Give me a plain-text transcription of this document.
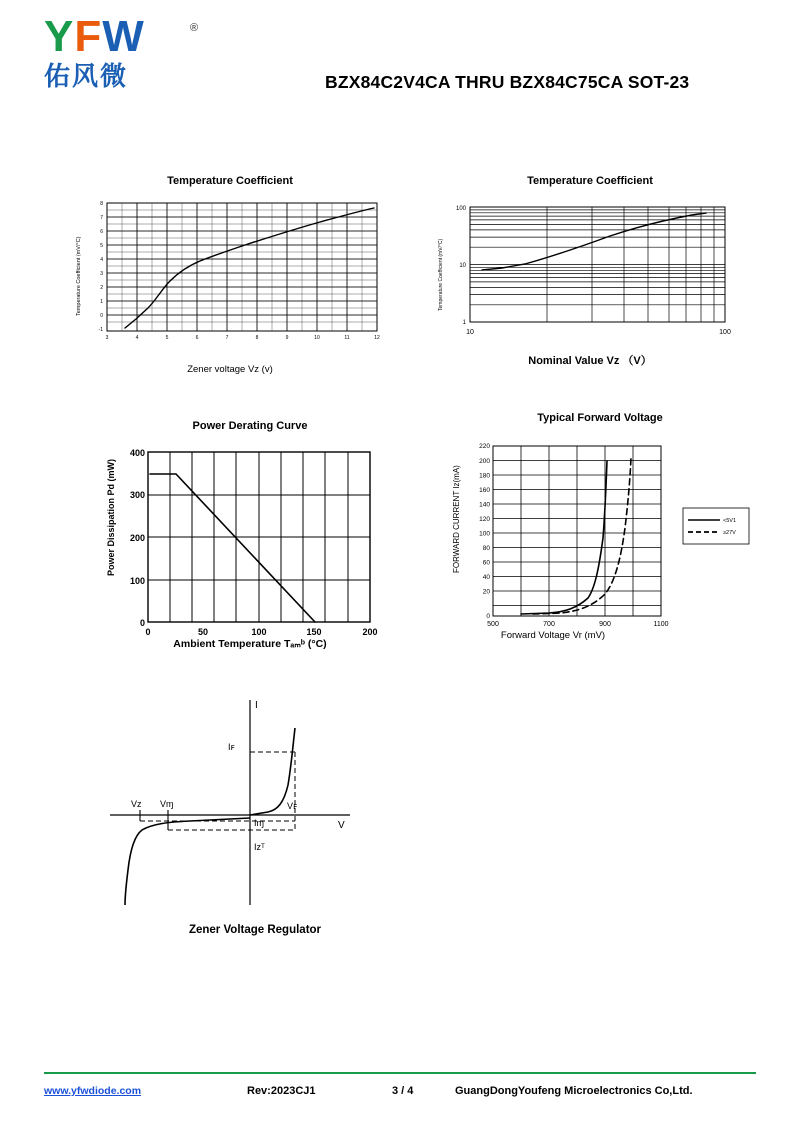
YFW	®
佑风微	BZX84C2V4CA THRU BZX84C75CA SOT-23
Temperature Coefficient
Temperature Coefficient (mV/°C)
8
7
6
5
4
3
2
1
0
-1
3	4	5	6	7	8	9	10	11	12
Zener voltage Vz (v)
Temperature Coefficient
Temperature Coefficient (mV/°C)
100
10
1
10	100
Nominal Value Vz （V）
Power Derating Curve
Power Dissipation Pd (mW)
400
300
200
100
0
0	50	100	150	200
Ambient Temperature Tₐₘᵇ (°C)
Typical Forward Voltage
FORWARD CURRENT Iᴢ(mA)
220
200
180
160
140
120
100
80
60
40
20
0
500	700	900	1100
<5V1
≥27V
Forward Voltage Vr (mV)
I
V
Vᴢ Vɱ	Vꜰ
Iꜰ
Iɱ
Iᴢᵀ
Zener Voltage Regulator
www.yfwdiode.com	Rev:2023CJ1	3 / 4	GuangDongYoufeng Microelectronics Co,Ltd.
